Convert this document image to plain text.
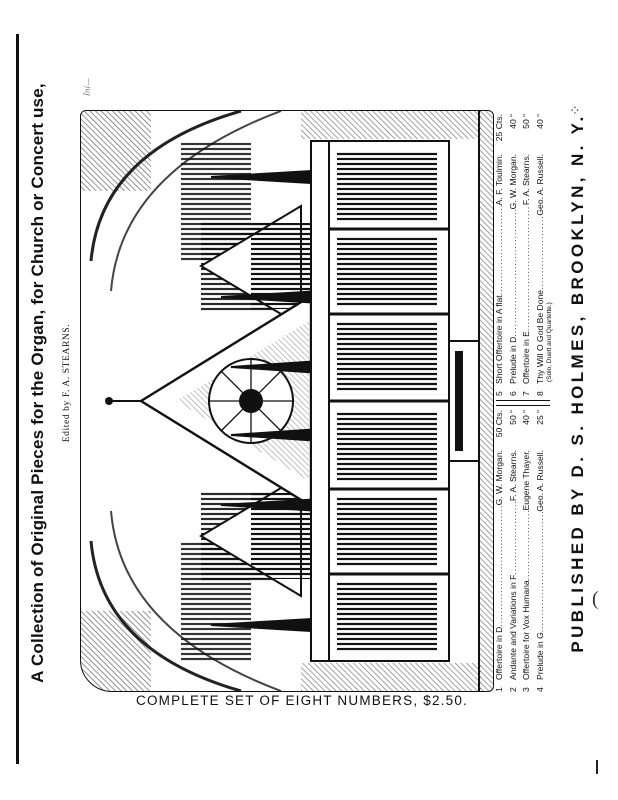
(
A Collection of Original Pieces for the Organ, for Church or Concert use, Edited by F. A. STEARNS.
Ini—
1
Offertoire in D
.....
G. W. Morgan.
50 Cts.
2
Andante and Variations in F
.....
F. A. Stearns.
50 “
3
Offertoire for Vox Humana
.....
Eugene Thayer.
40 “
4
Prelude in G
.....
Geo. A. Russell.
25 “
5
Short Offertoire in A flat
.....
A. F. Toulmin.
25 Cts.
6
Prelude in D
.....
G. W. Morgan.
40 “
7
Offertoire in E
.....
F. A. Stearns.
50 “
8
Thy Will O God Be Done
.....
Geo. A. Russell.
40 “
(Solo, Duett and Quartette.) PUBLISHED BY D. S. HOLMES, BROOKLYN, N. Y.
⁘
COMPLETE SET OF EIGHT NUMBERS, $2.50.
